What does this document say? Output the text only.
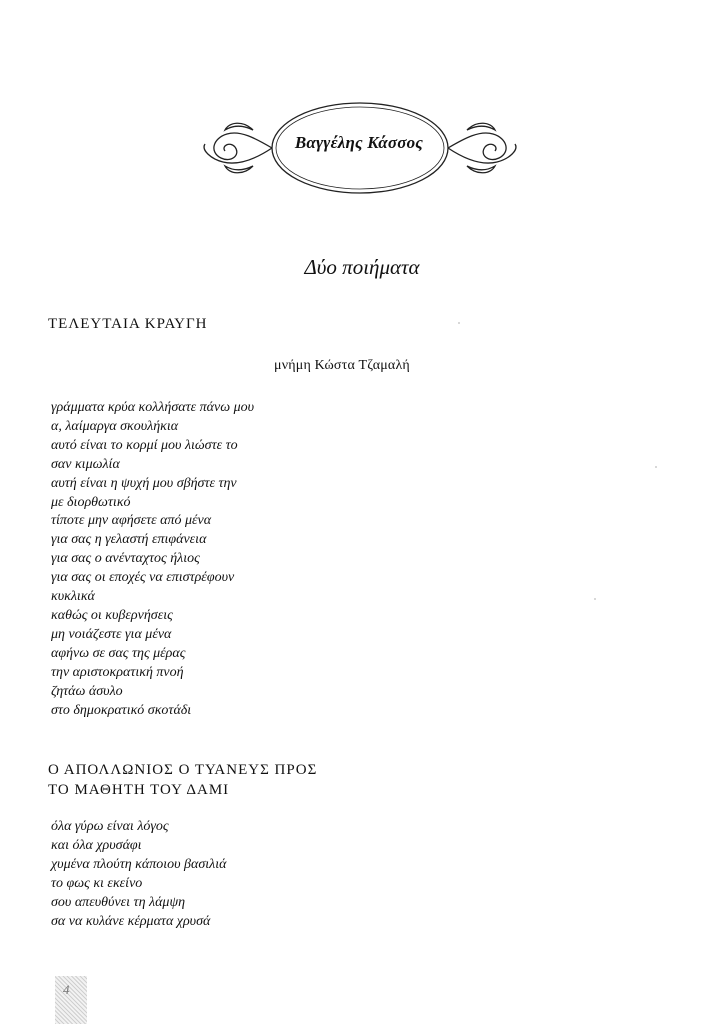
Βαγγέλης Κάσσος
Δύο ποιήματα
ΤΕΛΕΥΤΑΙΑ ΚΡΑΥΓΗ
μνήμη Κώστα Τζαμαλή
γράμματα κρύα κολλήσατε πάνω μου
α, λαίμαργα σκουλήκια
αυτό είναι το κορμί μου λιώστε το
σαν κιμωλία
αυτή είναι η ψυχή μου σβήστε την
με διορθωτικό
τίποτε μην αφήσετε από μένα
για σας η γελαστή επιφάνεια
για σας ο ανένταχτος ήλιος
για σας οι εποχές να επιστρέφουν
κυκλικά
καθώς οι κυβερνήσεις
μη νοιάζεστε για μένα
αφήνω σε σας της μέρας
την αριστοκρατική πνοή
ζητάω άσυλο
στο δημοκρατικό σκοτάδι
Ο ΑΠΟΛΛΩΝΙΟΣ Ο ΤΥΑΝΕΥΣ ΠΡΟΣ
ΤΟ ΜΑΘΗΤΗ ΤΟΥ ΔΑΜΙ
όλα γύρω είναι λόγος
και όλα χρυσάφι
χυμένα πλούτη κάποιου βασιλιά
το φως κι εκείνο
σου απευθύνει τη λάμψη
σα να κυλάνε κέρματα χρυσά
4
